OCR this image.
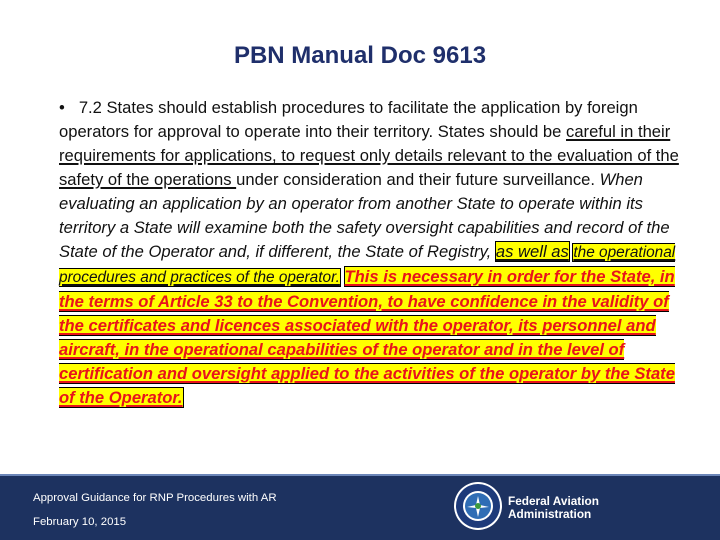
PBN Manual Doc 9613
• 7.2 States should establish procedures to facilitate the application by foreign operators for approval to operate into their territory. States should be careful in their requirements for applications, to request only details relevant to the evaluation of the safety of the operations under consideration and their future surveillance. When evaluating an application by an operator from another State to operate within its territory a State will examine both the safety oversight capabilities and record of the State of the Operator and, if different, the State of Registry, as well as the operational procedures and practices of the operator. This is necessary in order for the State, in the terms of Article 33 to the Convention, to have confidence in the validity of the certificates and licences associated with the operator, its personnel and aircraft, in the operational capabilities of the operator and in the level of certification and oversight applied to the activities of the operator by the State of the Operator.
Approval Guidance for RNP Procedures with AR
February 10, 2015
Federal Aviation
Administration
